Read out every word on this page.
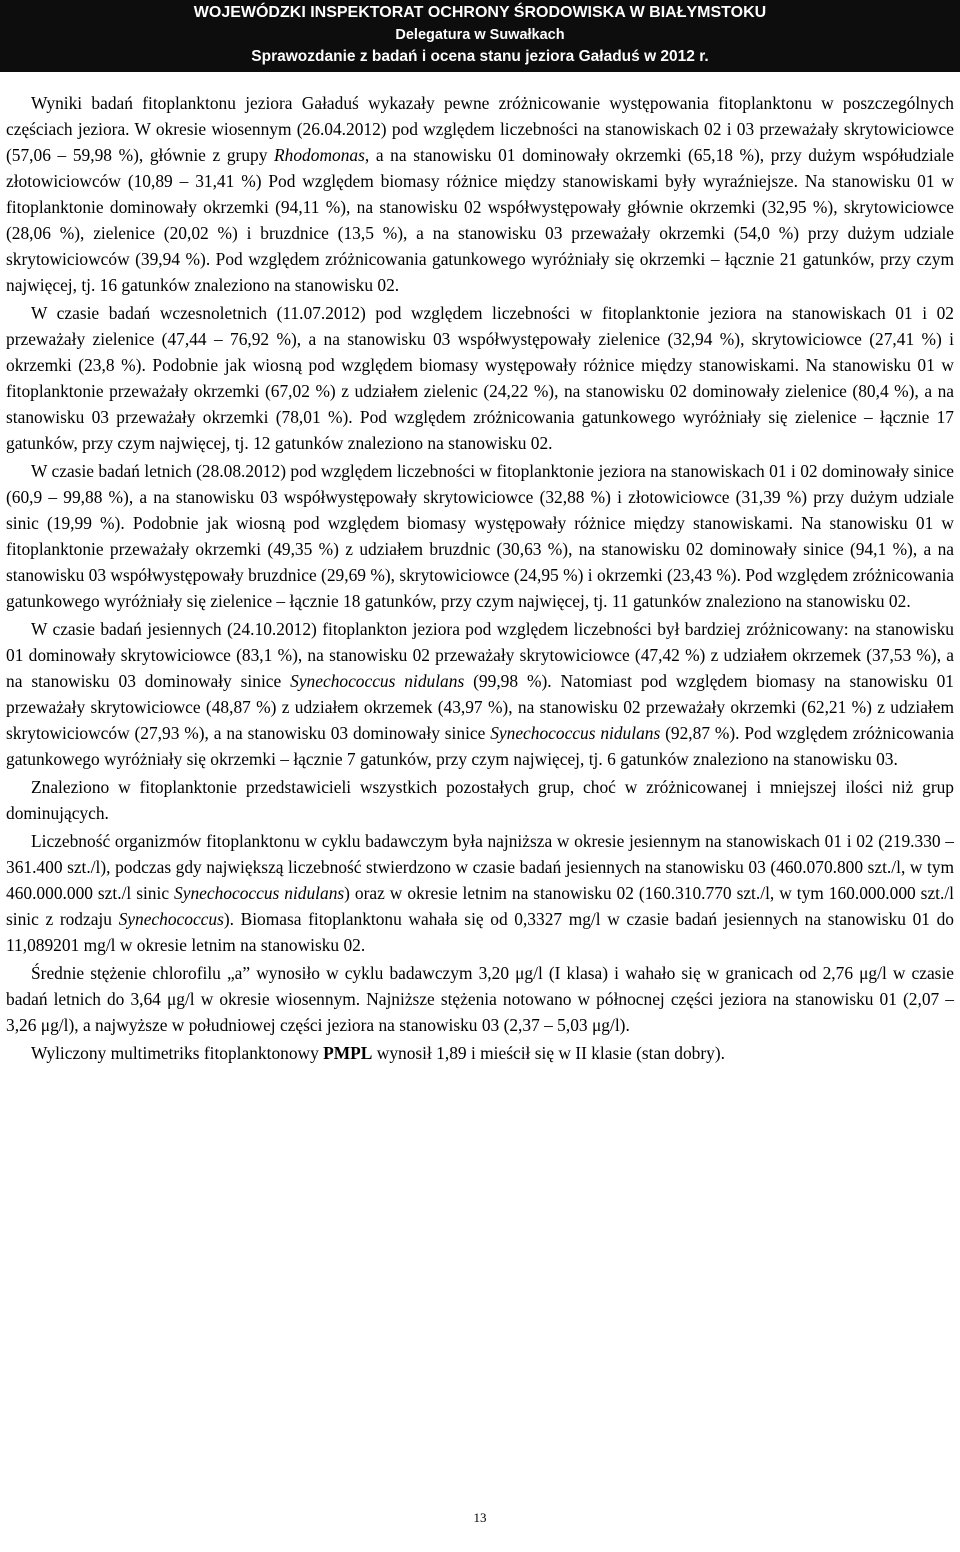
WOJEWÓDZKI INSPEKTORAT OCHRONY ŚRODOWISKA W BIAŁYMSTOKU
Delegatura w Suwałkach
Sprawozdanie z badań i ocena stanu jeziora Gaładuś w 2012 r.

Wyniki badań fitoplanktonu jeziora Gaładuś wykazały pewne zróżnicowanie występowania fitoplanktonu w poszczególnych częściach jeziora. W okresie wiosennym (26.04.2012) pod względem liczebności na stanowiskach 02 i 03 przeważały skrytowiciowce (57,06 – 59,98 %), głównie z grupy Rhodomonas, a na stanowisku 01 dominowały okrzemki (65,18 %), przy dużym współudziale złotowiciowców (10,89 – 31,41 %) Pod względem biomasy różnice między stanowiskami były wyraźniejsze. Na stanowisku 01 w fitoplanktonie dominowały okrzemki (94,11 %), na stanowisku 02 współwystępowały głównie okrzemki (32,95 %), skrytowiciowce (28,06 %), zielenice (20,02 %) i bruzdnice (13,5 %), a na stanowisku 03 przeważały okrzemki (54,0 %) przy dużym udziale skrytowiciowców (39,94 %). Pod względem zróżnicowania gatunkowego wyróżniały się okrzemki – łącznie 21 gatunków, przy czym najwięcej, tj. 16 gatunków znaleziono na stanowisku 02.

W czasie badań wczesnoletnich (11.07.2012) pod względem liczebności w fitoplanktonie jeziora na stanowiskach 01 i 02 przeważały zielenice (47,44 – 76,92 %), a na stanowisku 03 współwystępowały zielenice (32,94 %), skrytowiciowce (27,41 %) i okrzemki (23,8 %). Podobnie jak wiosną pod względem biomasy występowały różnice między stanowiskami. Na stanowisku 01 w fitoplanktonie przeważały okrzemki (67,02 %) z udziałem zielenic (24,22 %), na stanowisku 02 dominowały zielenice (80,4 %), a na stanowisku 03 przeważały okrzemki (78,01 %). Pod względem zróżnicowania gatunkowego wyróżniały się zielenice – łącznie 17 gatunków, przy czym najwięcej, tj. 12 gatunków znaleziono na stanowisku 02.

W czasie badań letnich (28.08.2012) pod względem liczebności w fitoplanktonie jeziora na stanowiskach 01 i 02 dominowały sinice (60,9 – 99,88 %), a na stanowisku 03 współwystępowały skrytowiciowce (32,88 %) i złotowiciowce (31,39 %) przy dużym udziale sinic (19,99 %). Podobnie jak wiosną pod względem biomasy występowały różnice między stanowiskami. Na stanowisku 01 w fitoplanktonie przeważały okrzemki (49,35 %) z udziałem bruzdnic (30,63 %), na stanowisku 02 dominowały sinice (94,1 %), a na stanowisku 03 współwystępowały bruzdnice (29,69 %), skrytowiciowce (24,95 %) i okrzemki (23,43 %). Pod względem zróżnicowania gatunkowego wyróżniały się zielenice – łącznie 18 gatunków, przy czym najwięcej, tj. 11 gatunków znaleziono na stanowisku 02.

W czasie badań jesiennych (24.10.2012) fitoplankton jeziora pod względem liczebności był bardziej zróżnicowany: na stanowisku 01 dominowały skrytowiciowce (83,1 %), na stanowisku 02 przeważały skrytowiciowce (47,42 %) z udziałem okrzemek (37,53 %), a na stanowisku 03 dominowały sinice Synechococcus nidulans (99,98 %). Natomiast pod względem biomasy na stanowisku 01 przeważały skrytowiciowce (48,87 %) z udziałem okrzemek (43,97 %), na stanowisku 02 przeważały okrzemki (62,21 %) z udziałem skrytowiciowców (27,93 %), a na stanowisku 03 dominowały sinice Synechococcus nidulans (92,87 %). Pod względem zróżnicowania gatunkowego wyróżniały się okrzemki – łącznie 7 gatunków, przy czym najwięcej, tj. 6 gatunków znaleziono na stanowisku 03.

Znaleziono w fitoplanktonie przedstawicieli wszystkich pozostałych grup, choć w zróżnicowanej i mniejszej ilości niż grup dominujących.

Liczebność organizmów fitoplanktonu w cyklu badawczym była najniższa w okresie jesiennym na stanowiskach 01 i 02 (219.330 – 361.400 szt./l), podczas gdy największą liczebność stwierdzono w czasie badań jesiennych na stanowisku 03 (460.070.800 szt./l, w tym 460.000.000 szt./l sinic Synechococcus nidulans) oraz w okresie letnim na stanowisku 02 (160.310.770 szt./l, w tym 160.000.000 szt./l sinic z rodzaju Synechococcus). Biomasa fitoplanktonu wahała się od 0,3327 mg/l w czasie badań jesiennych na stanowisku 01 do 11,089201 mg/l w okresie letnim na stanowisku 02.

Średnie stężenie chlorofilu „a” wynosiło w cyklu badawczym 3,20 μg/l (I klasa) i wahało się w granicach od 2,76 μg/l w czasie badań letnich do 3,64 μg/l w okresie wiosennym. Najniższe stężenia notowano w północnej części jeziora na stanowisku 01 (2,07 – 3,26 μg/l), a najwyższe w południowej części jeziora na stanowisku 03 (2,37 – 5,03 μg/l).

Wyliczony multimetriks fitoplanktonowy PMPL wynosił 1,89 i mieścił się w II klasie (stan dobry).

13
